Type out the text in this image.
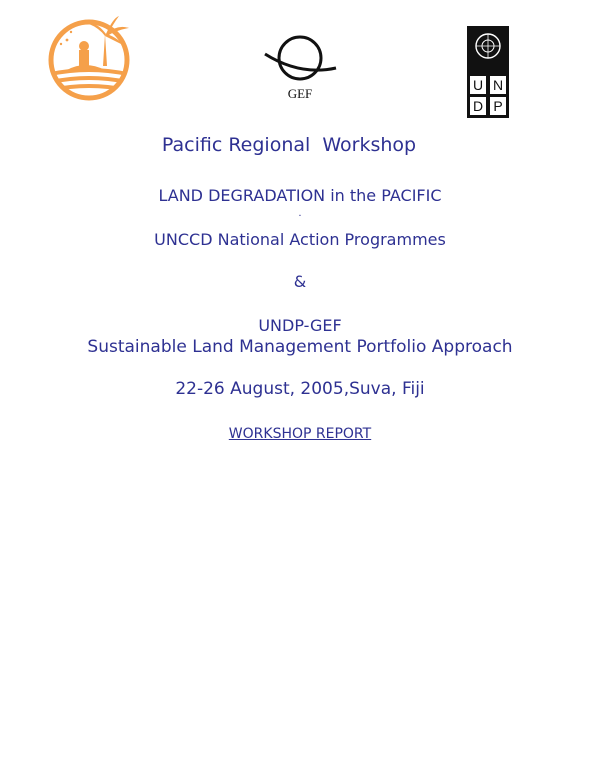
GEF
U N
D P
Pacific Regional  Workshop
LAND DEGRADATION in the PACIFIC
.
UNCCD National Action Programmes
&
UNDP-GEF
Sustainable Land Management Portfolio Approach
22-26 August, 2005,Suva, Fiji
WORKSHOP REPORT
